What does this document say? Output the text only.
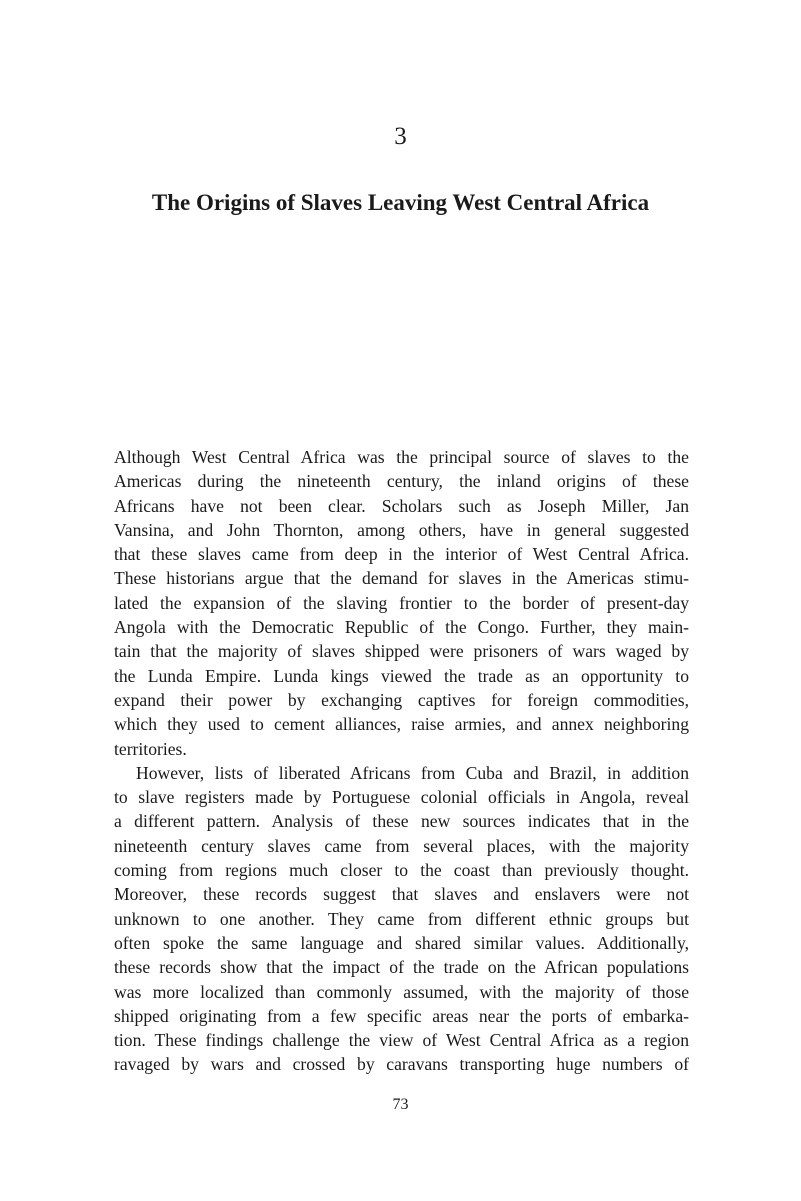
3
The Origins of Slaves Leaving West Central Africa
Although West Central Africa was the principal source of slaves to the
Americas during the nineteenth century, the inland origins of these
Africans have not been clear. Scholars such as Joseph Miller, Jan
Vansina, and John Thornton, among others, have in general suggested
that these slaves came from deep in the interior of West Central Africa.
These historians argue that the demand for slaves in the Americas stimu-
lated the expansion of the slaving frontier to the border of present-day
Angola with the Democratic Republic of the Congo. Further, they main-
tain that the majority of slaves shipped were prisoners of wars waged by
the Lunda Empire. Lunda kings viewed the trade as an opportunity to
expand their power by exchanging captives for foreign commodities,
which they used to cement alliances, raise armies, and annex neighboring
territories.
However, lists of liberated Africans from Cuba and Brazil, in addition
to slave registers made by Portuguese colonial officials in Angola, reveal
a different pattern. Analysis of these new sources indicates that in the
nineteenth century slaves came from several places, with the majority
coming from regions much closer to the coast than previously thought.
Moreover, these records suggest that slaves and enslavers were not
unknown to one another. They came from different ethnic groups but
often spoke the same language and shared similar values. Additionally,
these records show that the impact of the trade on the African populations
was more localized than commonly assumed, with the majority of those
shipped originating from a few specific areas near the ports of embarka-
tion. These findings challenge the view of West Central Africa as a region
ravaged by wars and crossed by caravans transporting huge numbers of
73
